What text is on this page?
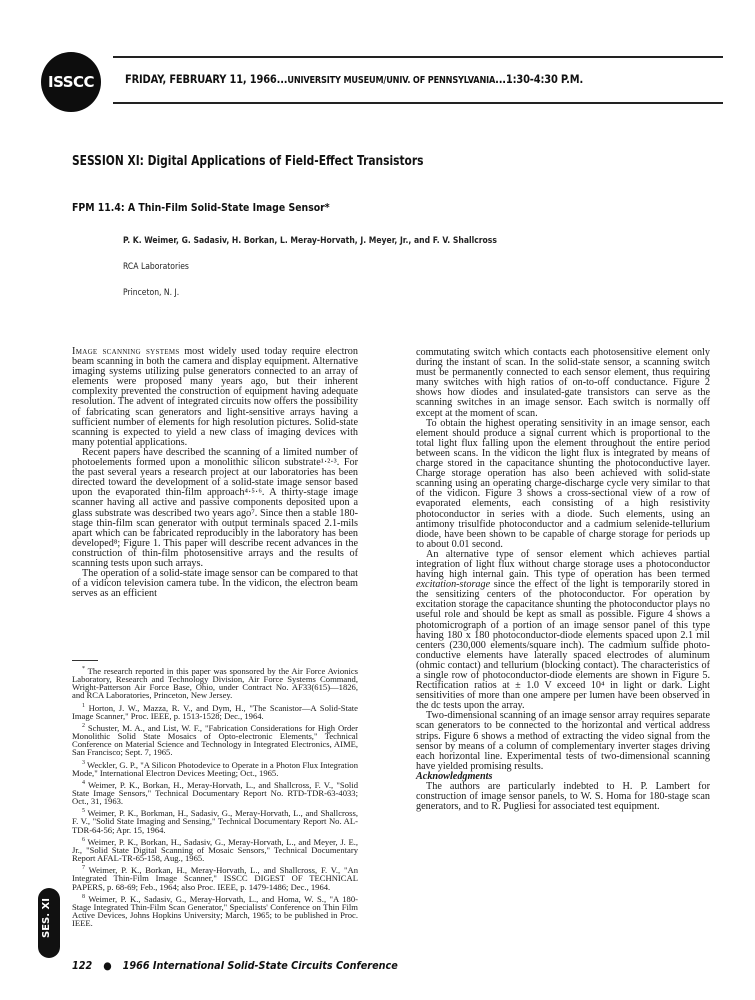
ISSCC	FRIDAY, FEBRUARY 11, 1966...UNIVERSITY MUSEUM/UNIV. OF PENNSYLVANIA...1:30-4:30 P.M.
SESSION XI: Digital Applications of Field-Effect Transistors
FPM 11.4: A Thin-Film Solid-State Image Sensor*
P. K. Weimer, G. Sadasiv, H. Borkan, L. Meray-Horvath, J. Meyer, Jr., and F. V. Shallcross
RCA Laboratories
Princeton, N. J.

Image scanning systems most widely used today require electron beam scanning in both the camera and display equipment. Alternative imaging systems utilizing pulse generators connected to an array of elements were proposed many years ago, but their inherent complexity prevented the construction of equipment having adequate resolution. The advent of integrated circuits now offers the possibility of fabricating scan generators and light-sensitive arrays having a sufficient number of elements for high resolution pictures. Solid-state scanning is expected to yield a new class of imaging devices with many potential applications.

Recent papers have described the scanning of a limited number of photoelements formed upon a monolithic silicon substrate¹·²·³. For the past several years a research project at our laboratories has been directed toward the development of a solid-state image sensor based upon the evaporated thin-film approach⁴·⁵·⁶. A thirty-stage image scanner having all active and passive components deposited upon a glass substrate was described two years ago⁷. Since then a stable 180-stage thin-film scan generator with output terminals spaced 2.1-mils apart which can be fabricated reproducibly in the laboratory has been developed⁸; Figure 1. This paper will describe recent advances in the construction of thin-film photosensitive arrays and the results of scanning tests upon such arrays.

The operation of a solid-state image sensor can be compared to that of a vidicon television camera tube. In the vidicon, the electron beam serves as an efficient

* The research reported in this paper was sponsored by the Air Force Avionics Laboratory, Research and Technology Division, Air Force Systems Command, Wright-Patterson Air Force Base, Ohio, under Contract No. AF33(615)—1826, and RCA Laboratories, Princeton, New Jersey.

$^1$ Horton, J. W., Mazza, R. V., and Dym, H., "The Scanistor—A Solid-State Image Scanner," Proc. IEEE, p. 1513-1528; Dec., 1964.

$^2$ Schuster, M. A., and List, W. F., "Fabrication Considerations for High Order Monolithic Solid State Mosaics of Opto-electronic Elements," Technical Conference on Material Science and Technology in Integrated Electronics, AIME, San Francisco; Sept. 7, 1965.

$^3$ Weckler, G. P., "A Silicon Photodevice to Operate in a Photon Flux Integration Mode," International Electron Devices Meeting; Oct., 1965.

$^4$ Weimer, P. K., Borkan, H., Meray-Horvath, L., and Shallcross, F. V., "Solid State Image Sensors," Technical Documentary Report No. RTD-TDR-63-4033; Oct., 31, 1963.

$^5$ Weimer, P. K., Borkman, H., Sadasiv, G., Meray-Horvath, L., and Shallcross, F. V., "Solid State Imaging and Sensing," Technical Documentary Report No. AL-TDR-64-56; Apr. 15, 1964.

$^6$ Weimer, P. K., Borkan, H., Sadasiv, G., Meray-Horvath, L., and Meyer, J. E., Jr., "Solid State Digital Scanning of Mosaic Sensors," Technical Documentary Report AFAL-TR-65-158, Aug., 1965.

$^7$ Weimer, P. K., Borkan, H., Meray-Horvath, L., and Shallcross, F. V., "An Integrated Thin-Film Image Scanner," ISSCC DIGEST OF TECHNICAL PAPERS, p. 68-69; Feb., 1964; also Proc. IEEE, p. 1479-1486; Dec., 1964.

$^8$ Weimer, P. K., Sadasiv, G., Meray-Horvath, L., and Homa, W. S., "A 180-Stage Integrated Thin-Film Scan Generator," Specialists' Conference on Thin Film Active Devices, Johns Hopkins University; March, 1965; to be published in Proc. IEEE.

commutating switch which contacts each photosensitive element only during the instant of scan. In the solid-state sensor, a scanning switch must be permanently connected to each sensor element, thus requiring many switches with high ratios of on-to-off conductance. Figure 2 shows how diodes and insulated-gate transistors can serve as the scanning switches in an image sensor. Each switch is normally off except at the moment of scan.

To obtain the highest operating sensitivity in an image sensor, each element should produce a signal current which is proportional to the total light flux falling upon the element throughout the entire period between scans. In the vidicon the light flux is integrated by means of charge stored in the capacitance shunting the photoconductive layer. Charge storage operation has also been achieved with solid-state scanning using an operating charge-discharge cycle very similar to that of the vidicon. Figure 3 shows a cross-sectional view of a row of evaporated elements, each consisting of a high resistivity photoconductor in series with a diode. Such elements, using an antimony trisulfide photoconductor and a cadmium selenide-tellurium diode, have been shown to be capable of charge storage for periods up to about 0.01 second.

An alternative type of sensor element which achieves partial integration of light flux without charge storage uses a photoconductor having high internal gain. This type of operation has been termed excitation-storage since the effect of the light is temporarily stored in the sensitizing centers of the photoconductor. For operation by excitation storage the capacitance shunting the photoconductor plays no useful role and should be kept as small as possible. Figure 4 shows a photomicrograph of a portion of an image sensor panel of this type having 180 x 180 photoconductor-diode elements spaced upon 2.1 mil centers (230,000 elements/square inch). The cadmium sulfide photo-conductive elements have laterally spaced electrodes of aluminum (ohmic contact) and tellurium (blocking contact). The characteristics of a single row of photoconductor-diode elements are shown in Figure 5. Rectification ratios at ± 1.0 V exceed 10⁴ in light or dark. Light sensitivities of more than one ampere per lumen have been observed in the dc tests upon the array.

Two-dimensional scanning of an image sensor array requires separate scan generators to be connected to the horizontal and vertical address strips. Figure 6 shows a method of extracting the video signal from the sensor by means of a column of complementary inverter stages driving each horizontal line. Experimental tests of two-dimensional scanning have yielded promising results.

Acknowledgments

The authors are particularly indebted to H. P. Lambert for construction of image sensor panels, to W. S. Homa for 180-stage scan generators, and to R. Pugliesi for associated test equipment.

SES. XI
122 ● 1966 International Solid-State Circuits Conference
